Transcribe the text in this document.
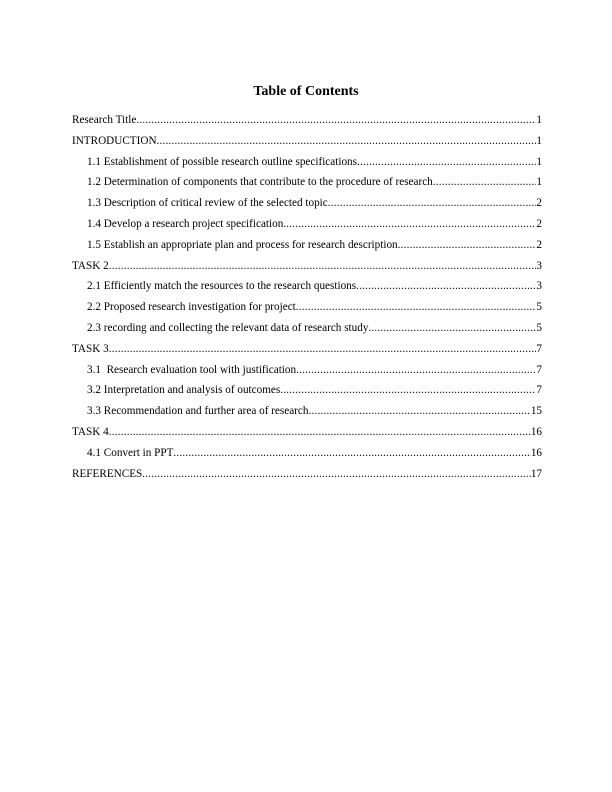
Table of Contents
Research Title .....	1
INTRODUCTION .....	1
1.1 Establishment of possible research outline specifications .....	1
1.2 Determination of components that contribute to the procedure of research .....	1
1.3 Description of critical review of the selected topic .....	2
1.4 Develop a research project specification .....	2
1.5 Establish an appropriate plan and process for research description .....	2
TASK 2 .....	3
2.1 Efficiently match the resources to the research questions .....	3
2.2 Proposed research investigation for project .....	5
2.3 recording and collecting the relevant data of research study .....	5
TASK 3 .....	7
3.1  Research evaluation tool with justification .....	7
3.2 Interpretation and analysis of outcomes .....	7
3.3 Recommendation and further area of research .....	15
TASK 4 .....	16
4.1 Convert in PPT .....	16
REFERENCES .....	17
